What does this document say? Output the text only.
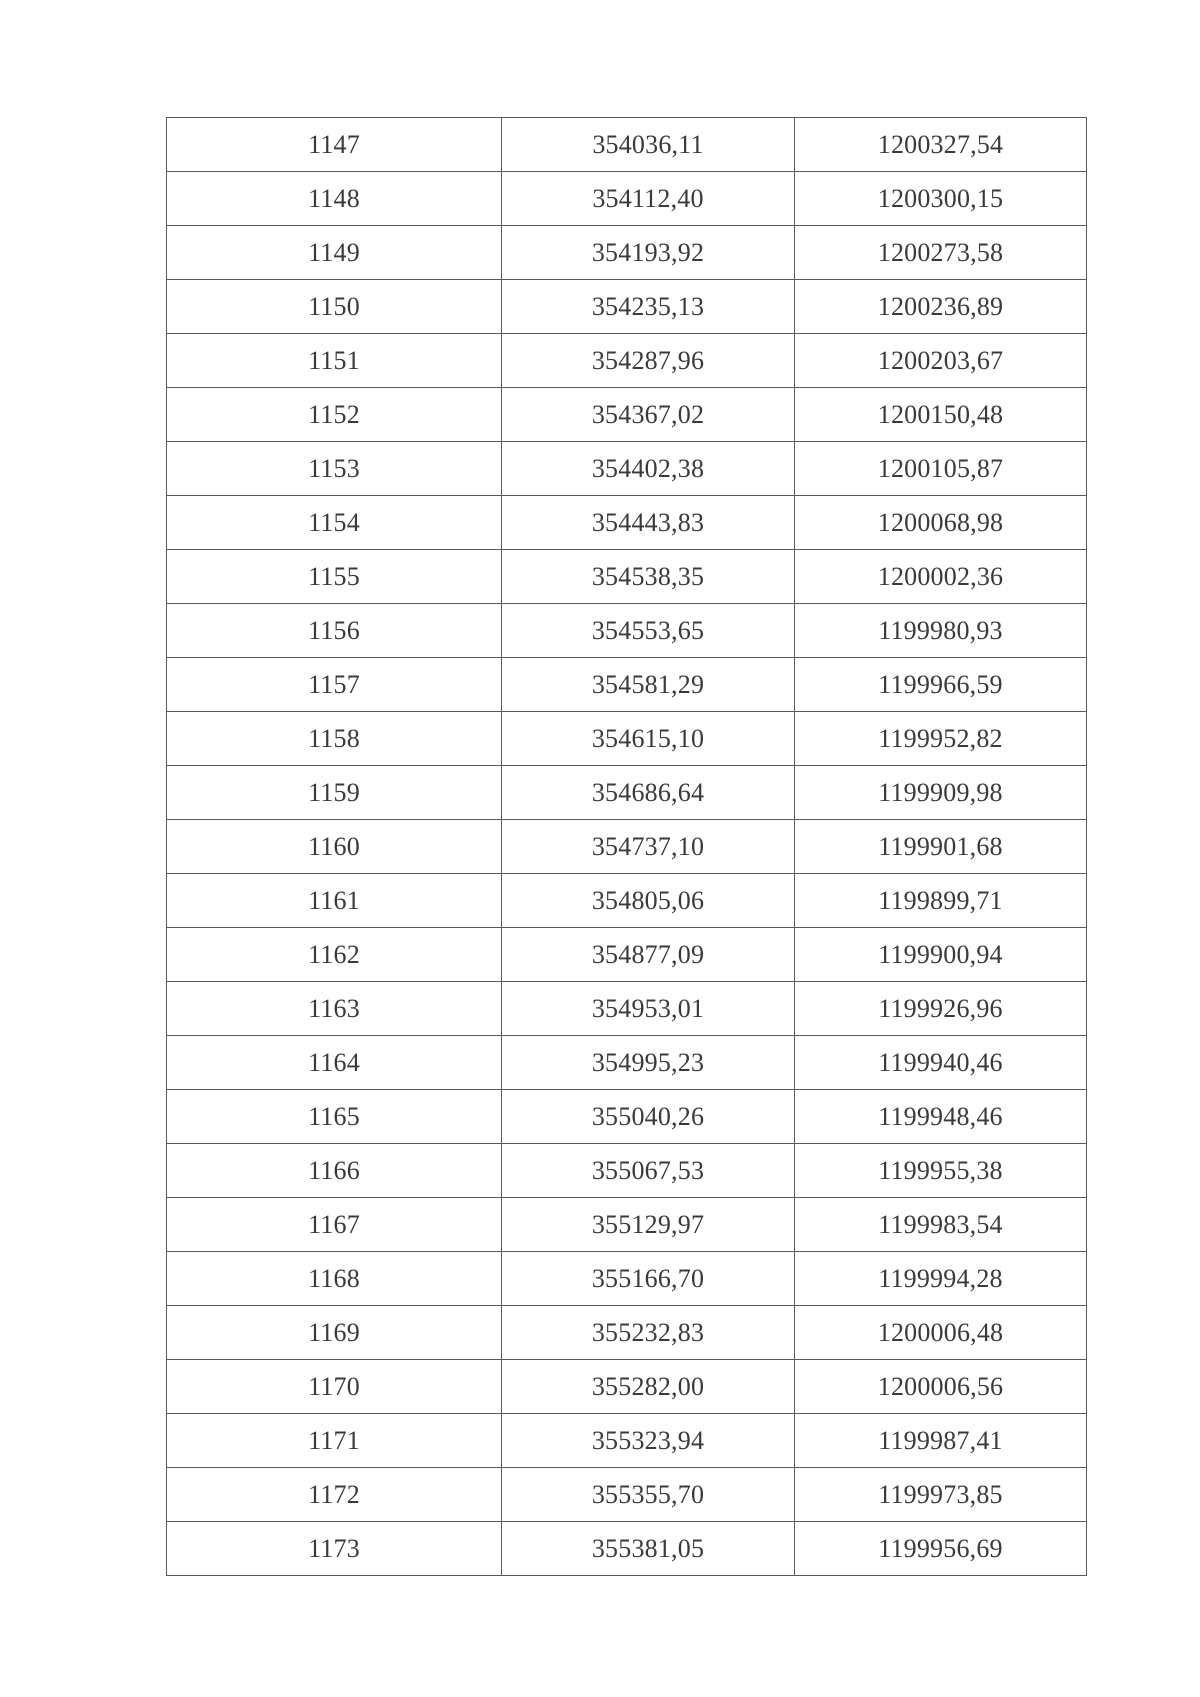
1147	354036,11	1200327,54
1148	354112,40	1200300,15
1149	354193,92	1200273,58
1150	354235,13	1200236,89
1151	354287,96	1200203,67
1152	354367,02	1200150,48
1153	354402,38	1200105,87
1154	354443,83	1200068,98
1155	354538,35	1200002,36
1156	354553,65	1199980,93
1157	354581,29	1199966,59
1158	354615,10	1199952,82
1159	354686,64	1199909,98
1160	354737,10	1199901,68
1161	354805,06	1199899,71
1162	354877,09	1199900,94
1163	354953,01	1199926,96
1164	354995,23	1199940,46
1165	355040,26	1199948,46
1166	355067,53	1199955,38
1167	355129,97	1199983,54
1168	355166,70	1199994,28
1169	355232,83	1200006,48
1170	355282,00	1200006,56
1171	355323,94	1199987,41
1172	355355,70	1199973,85
1173	355381,05	1199956,69
